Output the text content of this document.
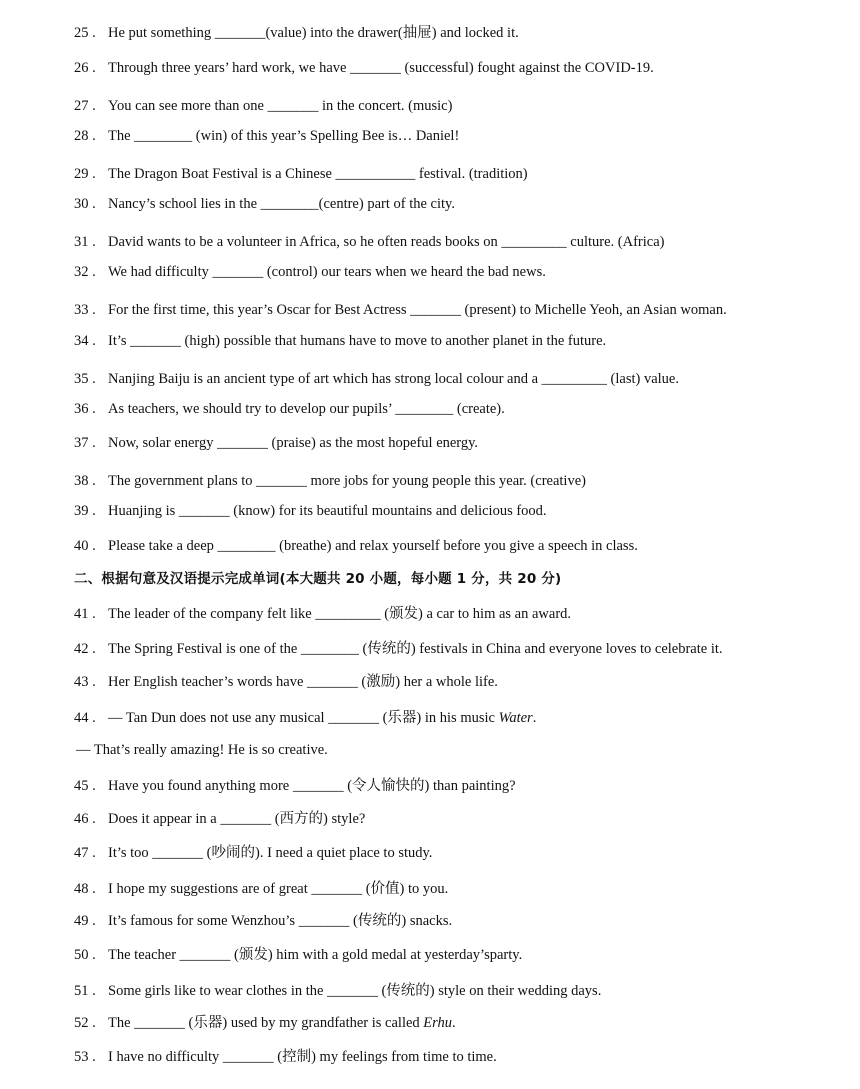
25 . He put something _______(value) into the drawer(抽屉) and locked it.
26 . Through three years’ hard work, we have _______ (successful) fought against the COVID-19.
27 . You can see more than one _______ in the concert. (music)
28 . The ________ (win) of this year’s Spelling Bee is… Daniel!
29 . The Dragon Boat Festival is a Chinese ___________ festival. (tradition)
30 . Nancy’s school lies in the ________(centre) part of the city.
31 . David wants to be a volunteer in Africa, so he often reads books on _________ culture. (Africa)
32 . We had difficulty _______ (control) our tears when we heard the bad news.
33 . For the first time, this year’s Oscar for Best Actress _______ (present) to Michelle Yeoh, an Asian woman.
34 . It’s _______ (high) possible that humans have to move to another planet in the future.
35 . Nanjing Baiju is an ancient type of art which has strong local colour and a _________ (last) value.
36 . As teachers, we should try to develop our pupils’ ________ (create).
37 . Now, solar energy _______ (praise) as the most hopeful energy.
38 . The government plans to _______ more jobs for young people this year. (creative)
39 . Huanjing is _______ (know) for its beautiful mountains and delicious food.
40 . Please take a deep ________ (breathe) and relax yourself before you give a speech in class.
二、根据句意及汉语提示完成单词(本大题共 20 小题，每小题 1 分，共 20 分)
41 . The leader of the company felt like _________ (颁发) a car to him as an award.
42 . The Spring Festival is one of the ________ (传统的) festivals in China and everyone loves to celebrate it.
43 . Her English teacher’s words have _______ (激励) her a whole life.
44 . — Tan Dun does not use any musical _______ (乐器) in his music Water.
— That’s really amazing! He is so creative.
45 . Have you found anything more _______ (令人愉快的) than painting?
46 . Does it appear in a _______ (西方的) style?
47 . It’s too _______ (吵闹的). I need a quiet place to study.
48 . I hope my suggestions are of great _______ (价值) to you.
49 . It’s famous for some Wenzhou’s _______ (传统的) snacks.
50 . The teacher _______ (颁发) him with a gold medal at yesterday’sparty.
51 . Some girls like to wear clothes in the _______ (传统的) style on their wedding days.
52 . The _______ (乐器) used by my grandfather is called Erhu.
53 . I have no difficulty _______ (控制) my feelings from time to time.
